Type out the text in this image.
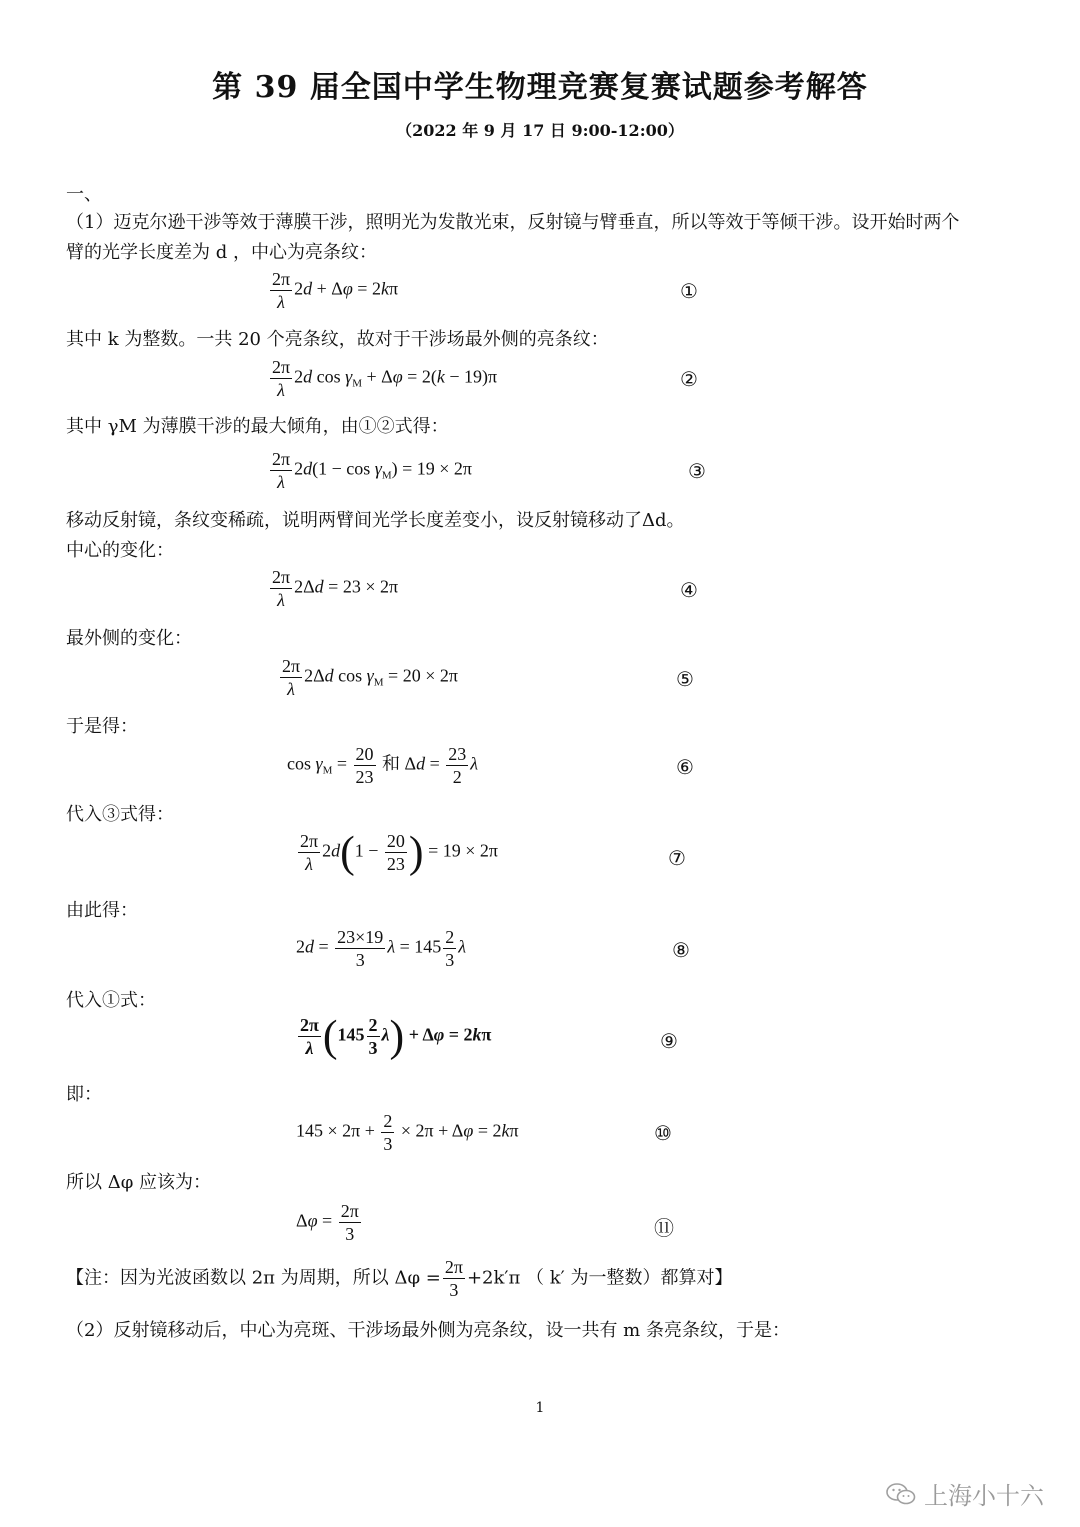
第 39 届全国中学生物理竞赛复赛试题参考解答
（2022 年 9 月 17 日 9:00-12:00）
一、
（1）迈克尔逊干涉等效于薄膜干涉，照明光为发散光束，反射镜与臂垂直，所以等效于等倾干涉。设开始时两个
臂的光学长度差为 d ，中心为亮条纹：
$\frac{2\pi}{\lambda} 2d + \Delta\varphi = 2k\pi$	①
其中 k 为整数。一共 20 个亮条纹，故对于干涉场最外侧的亮条纹：
$\frac{2\pi}{\lambda} 2d$ $\cos \gamma_M + \Delta\varphi = 2(k - 19)\pi$	②
其中 γM 为薄膜干涉的最大倾角，由①②式得：
$\frac{2\pi}{\lambda} 2d(1 - \cos \gamma_M) = 19 \times 2\pi$	③
移动反射镜，条纹变稀疏，说明两臂间光学长度差变小，设反射镜移动了Δd。
中心的变化：
$\frac{2\pi}{\lambda} 2\Delta d = 23 \times 2\pi$	④
最外侧的变化：
$\frac{2\pi}{\lambda} 2\Delta d$ $\cos \gamma_M = 20 \times 2\pi$	⑤
于是得：
$\cos \gamma_M = \frac{20}{23}$ 和 $\Delta d = \frac{23}{2}$ λ	⑥
代入③式得：
$\frac{2\pi}{\lambda} 2d(1 - \frac{20}{23}$ ) = 19 × 2π	⑦
由此得：
$2d = \frac{23\times 19}{3}$ $\lambda = 145 \frac{2}{3}$ λ	⑧
代入①式：
$\frac{2\pi}{\lambda} (145 \frac{2}{3} \lambda) + \Delta\varphi = 2k\pi$	⑨
即：
$145 \times 2\pi + \frac{2}{3} \times 2\pi + \Delta\varphi = 2k\pi$	⑩
所以 Δφ 应该为：
$\Delta\varphi = \frac{2\pi}{3}$	⑪
【注：因为光波函数以 2π 为周期，所以 $\Delta\varphi = \frac{2\pi}{3} +2k'\pi$ （ k′ 为一整数）都算对】
（2）反射镜移动后，中心为亮斑、干涉场最外侧为亮条纹，设一共有 m 条亮条纹，于是：
1
上海小十六
